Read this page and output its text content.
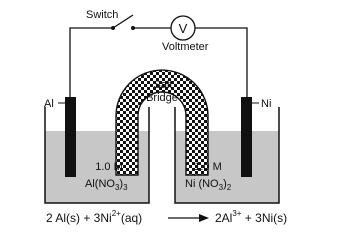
Switch
V
Voltmeter
Salt
Bridge
Al	Ni
1.0 M
$Al(NO_3)_3$
1.0 M
Ni $(NO_3)_2$
2 $Al(s) + 3Ni^{2+}(aq)$	$2Al^{3+} + 3Ni(s)$
